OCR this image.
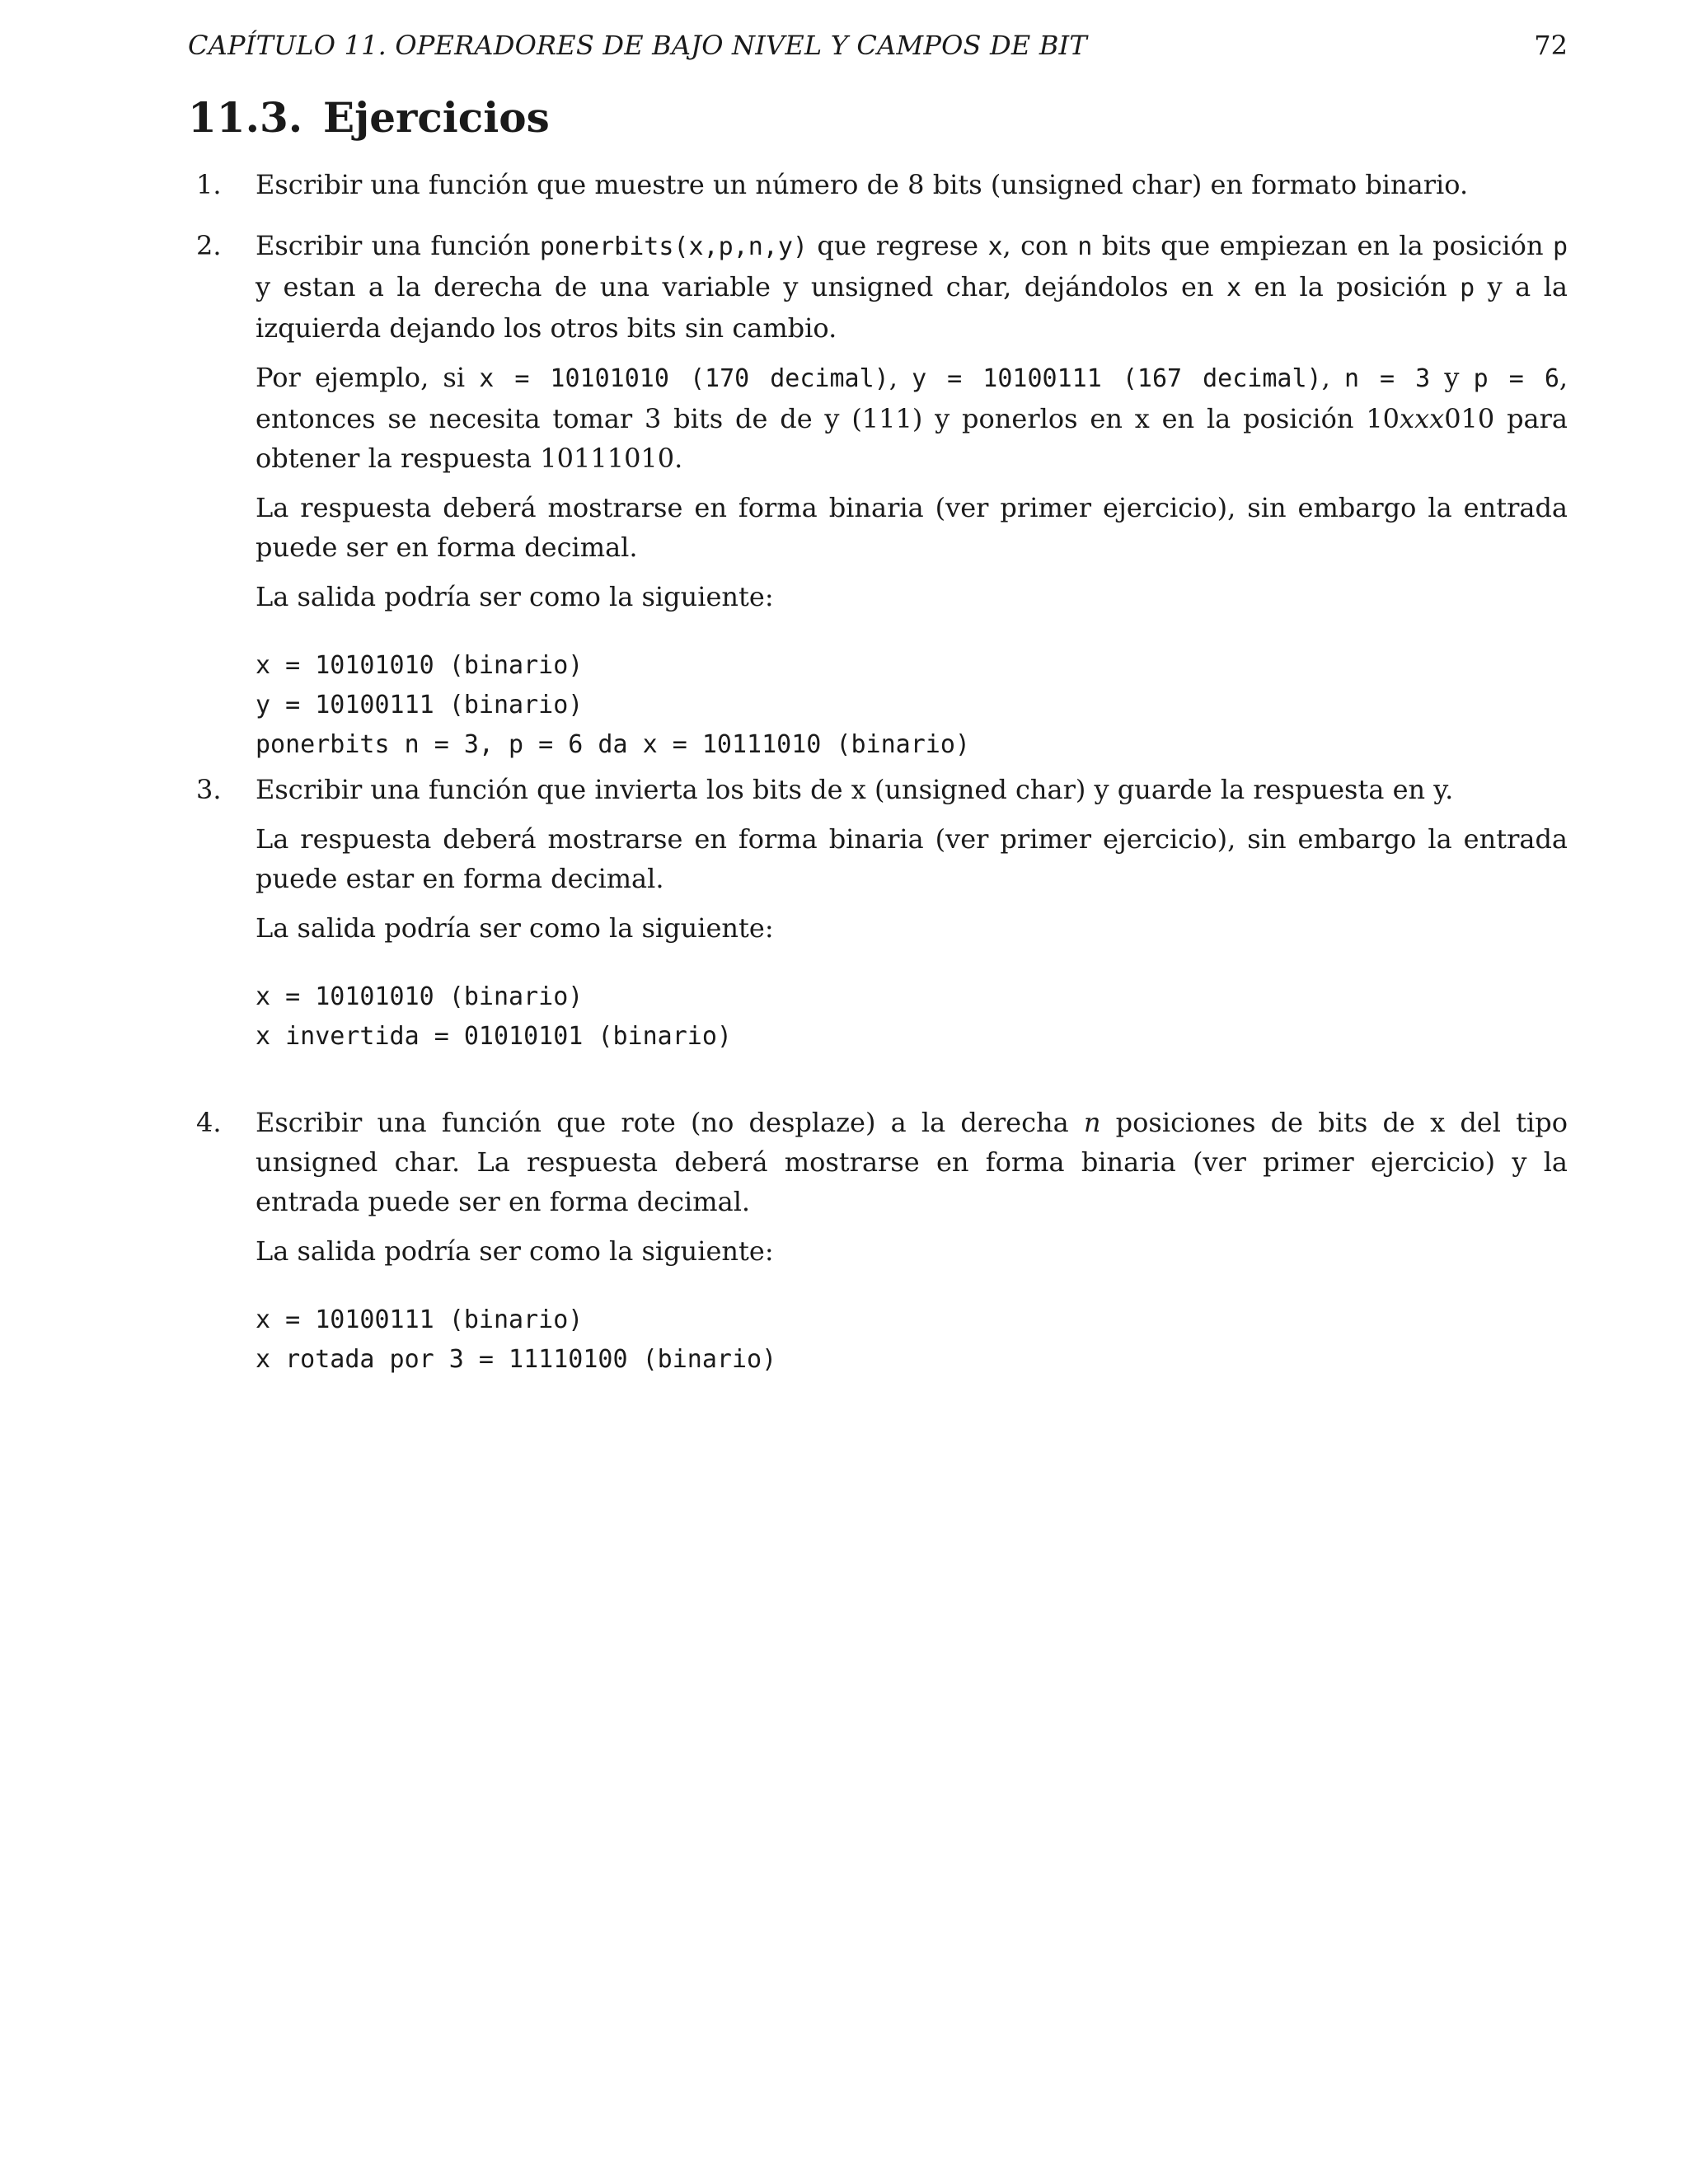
CAPÍTULO 11. OPERADORES DE BAJO NIVEL Y CAMPOS DE BIT	72
11.3. Ejercicios
1.	Escribir una función que muestre un número de 8 bits (unsigned char) en formato binario.

2.	Escribir una función ponerbits(x,p,n,y) que regrese x, con n bits que empiezan en la posición p y estan a la derecha de una variable y unsigned char, dejándolos en x en la posición p y a la izquierda dejando los otros bits sin cambio.

Por ejemplo, si x = 10101010 (170 decimal), y = 10100111 (167 decimal), n = 3 y p = 6, entonces se necesita tomar 3 bits de de y (111) y ponerlos en x en la posición 10xxx010 para obtener la respuesta 10111010.

La respuesta deberá mostrarse en forma binaria (ver primer ejercicio), sin embargo la entrada puede ser en forma decimal.

La salida podría ser como la siguiente:

x = 10101010 (binario)
y = 10100111 (binario)
ponerbits n = 3, p = 6 da x = 10111010 (binario)
3.	Escribir una función que invierta los bits de x (unsigned char) y guarde la respuesta en y.

La respuesta deberá mostrarse en forma binaria (ver primer ejercicio), sin embargo la entrada puede estar en forma decimal.

La salida podría ser como la siguiente:

x = 10101010 (binario)
x invertida = 01010101 (binario)
4.	Escribir una función que rote (no desplaze) a la derecha n posiciones de bits de x del tipo unsigned char. La respuesta deberá mostrarse en forma binaria (ver primer ejercicio) y la entrada puede ser en forma decimal.

La salida podría ser como la siguiente:

x = 10100111 (binario)
x rotada por 3 = 11110100 (binario)
